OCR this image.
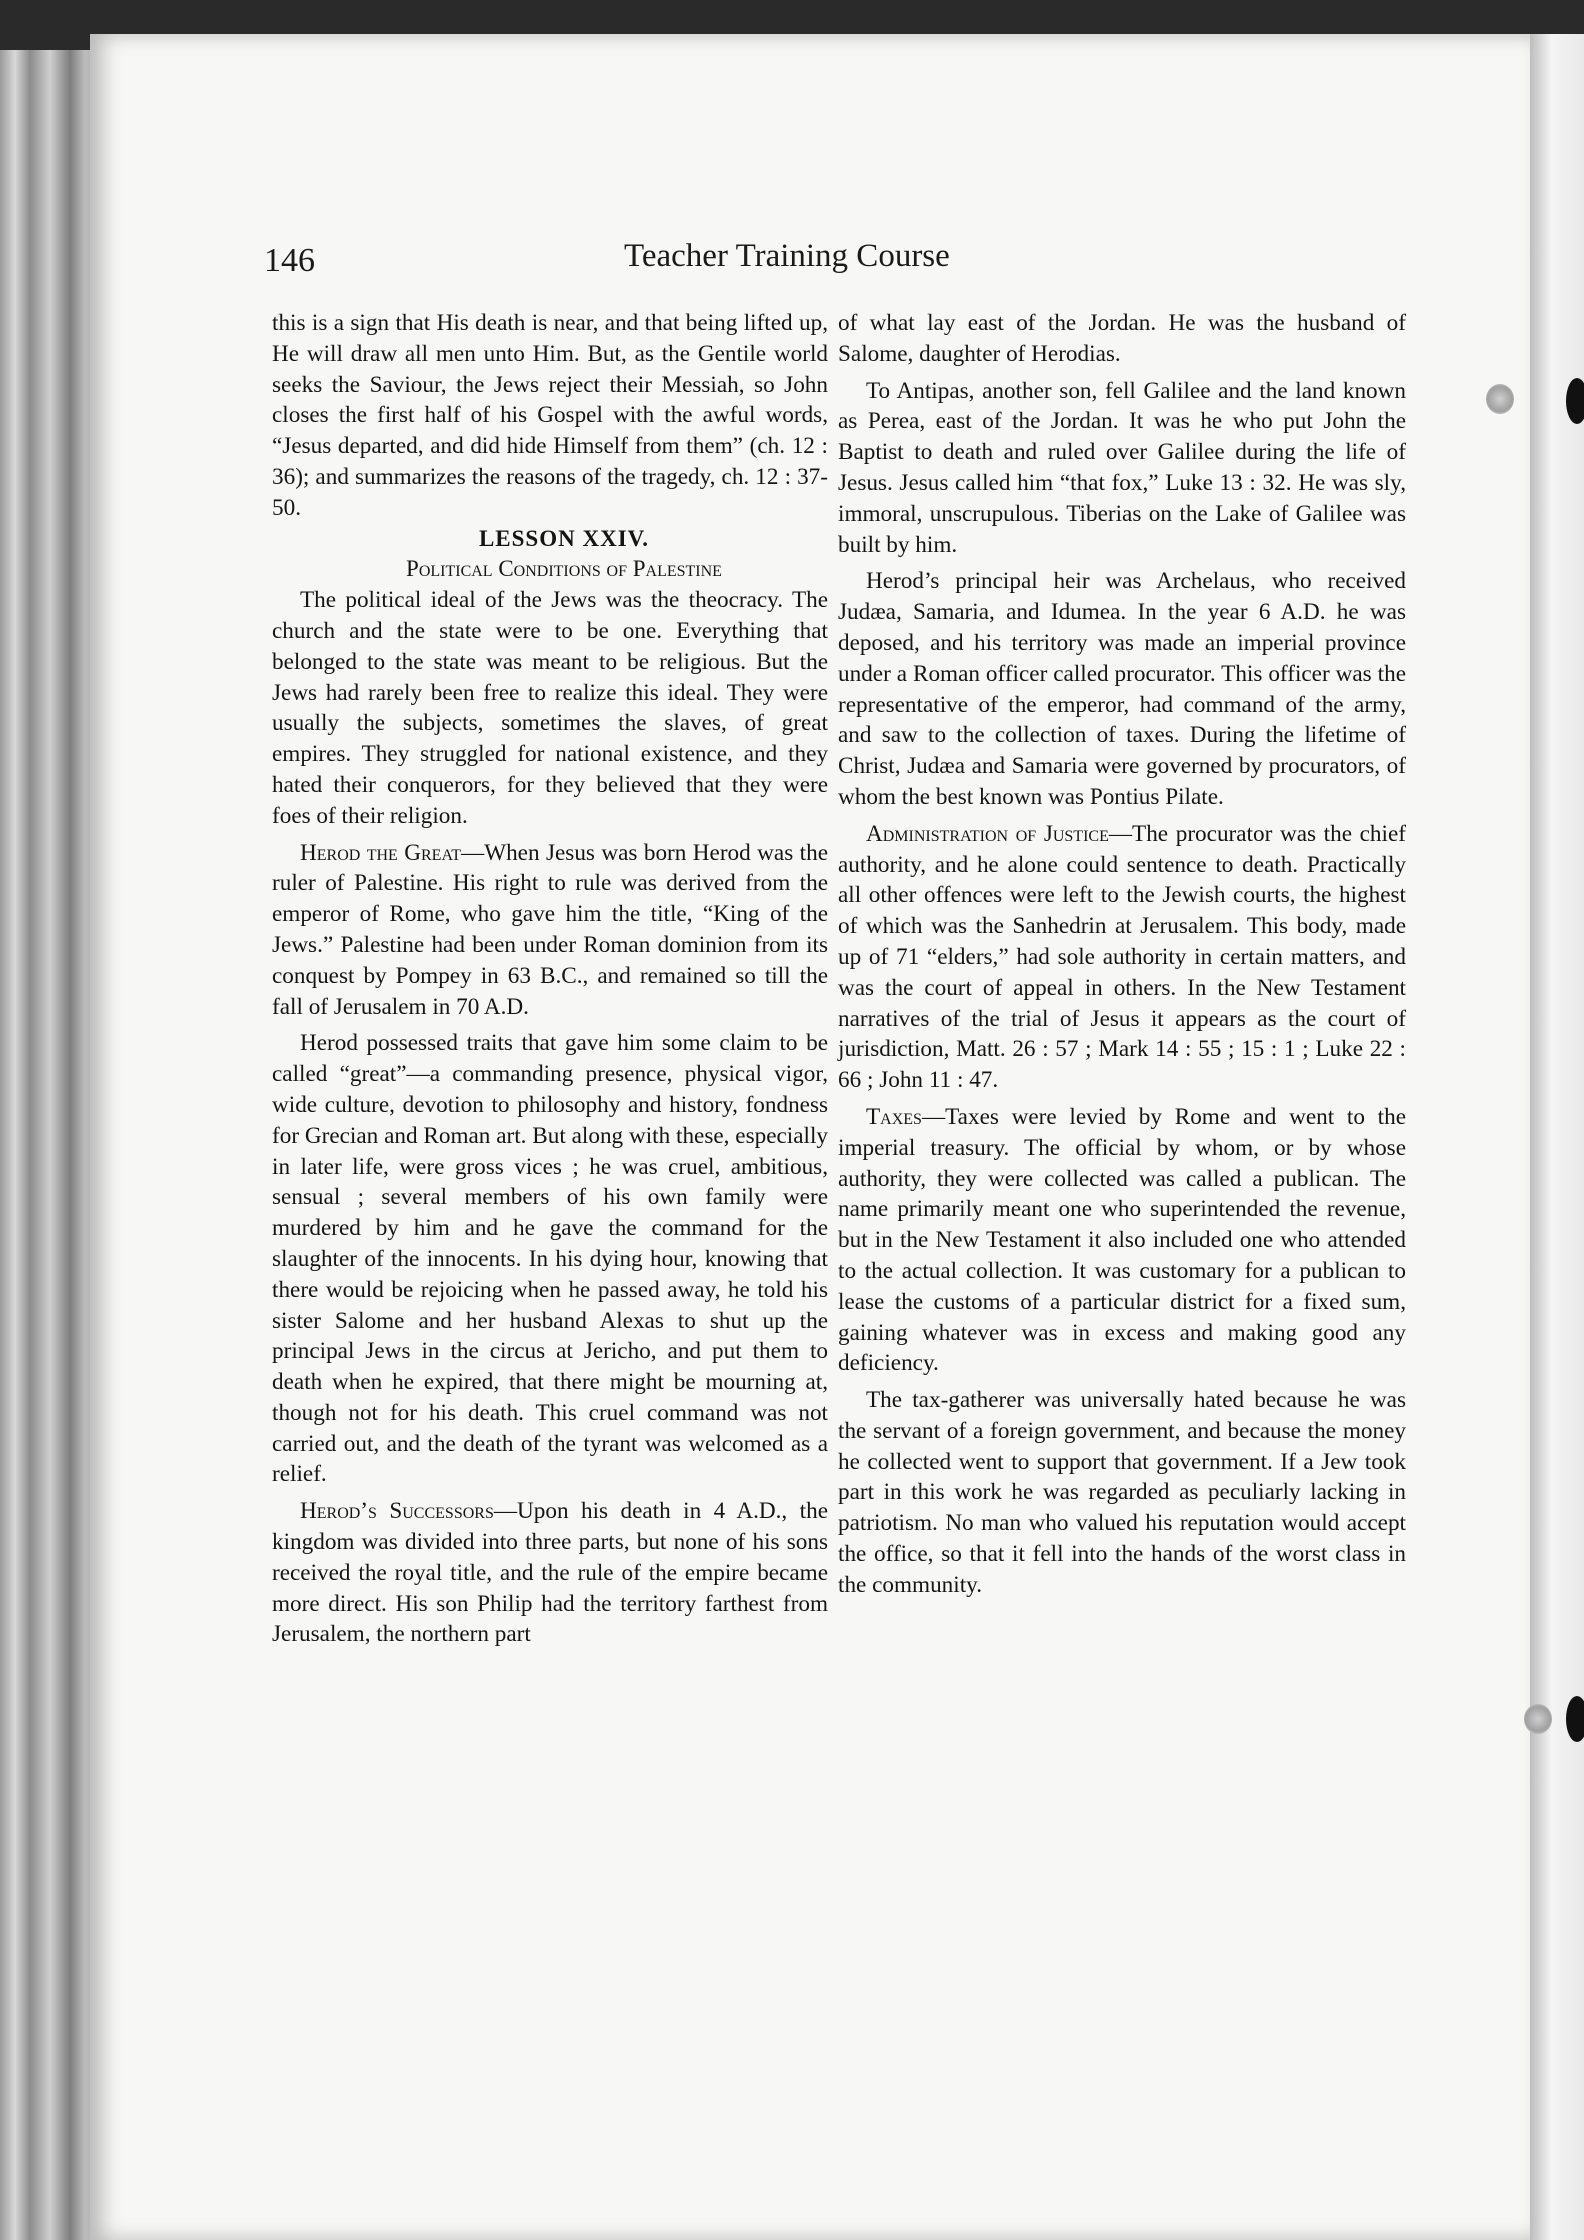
146	Teacher Training Course

this is a sign that His death is near, and that being lifted up, He will draw all men unto Him. But, as the Gentile world seeks the Saviour, the Jews reject their Messiah, so John closes the first half of his Gospel with the awful words, “Jesus departed, and did hide Himself from them” (ch. 12 : 36); and summarizes the reasons of the tragedy, ch. 12 : 37-50.

LESSON XXIV.

Political Conditions of Palestine

The political ideal of the Jews was the theocracy. The church and the state were to be one. Everything that belonged to the state was meant to be religious. But the Jews had rarely been free to realize this ideal. They were usually the subjects, sometimes the slaves, of great empires. They struggled for national existence, and they hated their conquerors, for they believed that they were foes of their religion.

Herod the Great—When Jesus was born Herod was the ruler of Palestine. His right to rule was derived from the emperor of Rome, who gave him the title, “King of the Jews.” Palestine had been under Roman dominion from its conquest by Pompey in 63 B.C., and remained so till the fall of Jerusalem in 70 A.D.

Herod possessed traits that gave him some claim to be called “great”—a commanding presence, physical vigor, wide culture, devotion to philosophy and history, fondness for Grecian and Roman art. But along with these, especially in later life, were gross vices ; he was cruel, ambitious, sensual ; several members of his own family were murdered by him and he gave the command for the slaughter of the innocents. In his dying hour, knowing that there would be rejoicing when he passed away, he told his sister Salome and her husband Alexas to shut up the principal Jews in the circus at Jericho, and put them to death when he expired, that there might be mourning at, though not for his death. This cruel command was not carried out, and the death of the tyrant was welcomed as a relief.

Herod’s Successors—Upon his death in 4 A.D., the kingdom was divided into three parts, but none of his sons received the royal title, and the rule of the empire became more direct. His son Philip had the territory farthest from Jerusalem, the northern part

of what lay east of the Jordan. He was the husband of Salome, daughter of Herodias.

To Antipas, another son, fell Galilee and the land known as Perea, east of the Jordan. It was he who put John the Baptist to death and ruled over Galilee during the life of Jesus. Jesus called him “that fox,” Luke 13 : 32. He was sly, immoral, unscrupulous. Tiberias on the Lake of Galilee was built by him.

Herod’s principal heir was Archelaus, who received Judæa, Samaria, and Idumea. In the year 6 A.D. he was deposed, and his territory was made an imperial province under a Roman officer called procurator. This officer was the representative of the emperor, had command of the army, and saw to the collection of taxes. During the lifetime of Christ, Judæa and Samaria were governed by procurators, of whom the best known was Pontius Pilate.

Administration of Justice—The procurator was the chief authority, and he alone could sentence to death. Practically all other offences were left to the Jewish courts, the highest of which was the Sanhedrin at Jerusalem. This body, made up of 71 “elders,” had sole authority in certain matters, and was the court of appeal in others. In the New Testament narratives of the trial of Jesus it appears as the court of jurisdiction, Matt. 26 : 57 ; Mark 14 : 55 ; 15 : 1 ; Luke 22 : 66 ; John 11 : 47.

Taxes—Taxes were levied by Rome and went to the imperial treasury. The official by whom, or by whose authority, they were collected was called a publican. The name primarily meant one who superintended the revenue, but in the New Testament it also included one who attended to the actual collection. It was customary for a publican to lease the customs of a particular district for a fixed sum, gaining whatever was in excess and making good any deficiency.

The tax-gatherer was universally hated because he was the servant of a foreign government, and because the money he collected went to support that government. If a Jew took part in this work he was regarded as peculiarly lacking in patriotism. No man who valued his reputation would accept the office, so that it fell into the hands of the worst class in the community.
